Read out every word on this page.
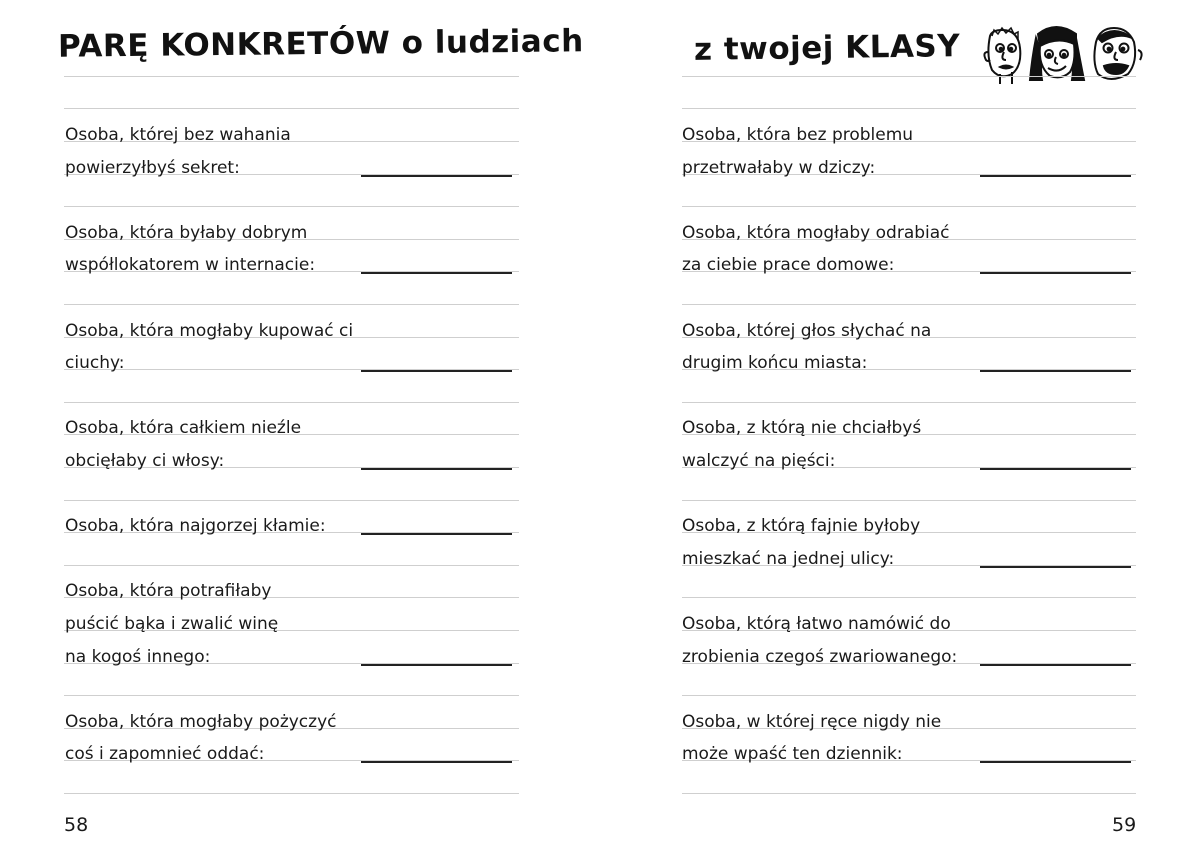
PARĘ KONKRETÓW o ludziach
Osoba, której bez wahania
powierzyłbyś sekret:
Osoba, która byłaby dobrym
współlokatorem w internacie:
Osoba, która mogłaby kupować ci
ciuchy:
Osoba, która całkiem nieźle
obcięłaby ci włosy:
Osoba, która najgorzej kłamie:
Osoba, która potrafiłaby
puścić bąka i zwalić winę
na kogoś innego:
Osoba, która mogłaby pożyczyć
coś i zapomnieć oddać:
58
z twojej KLASY
Osoba, która bez problemu
przetrwałaby w dziczy:
Osoba, która mogłaby odrabiać
za ciebie prace domowe:
Osoba, której głos słychać na
drugim końcu miasta:
Osoba, z którą nie chciałbyś
walczyć na pięści:
Osoba, z którą fajnie byłoby
mieszkać na jednej ulicy:
Osoba, którą łatwo namówić do
zrobienia czegoś zwariowanego:
Osoba, w której ręce nigdy nie
może wpaść ten dziennik:
59
